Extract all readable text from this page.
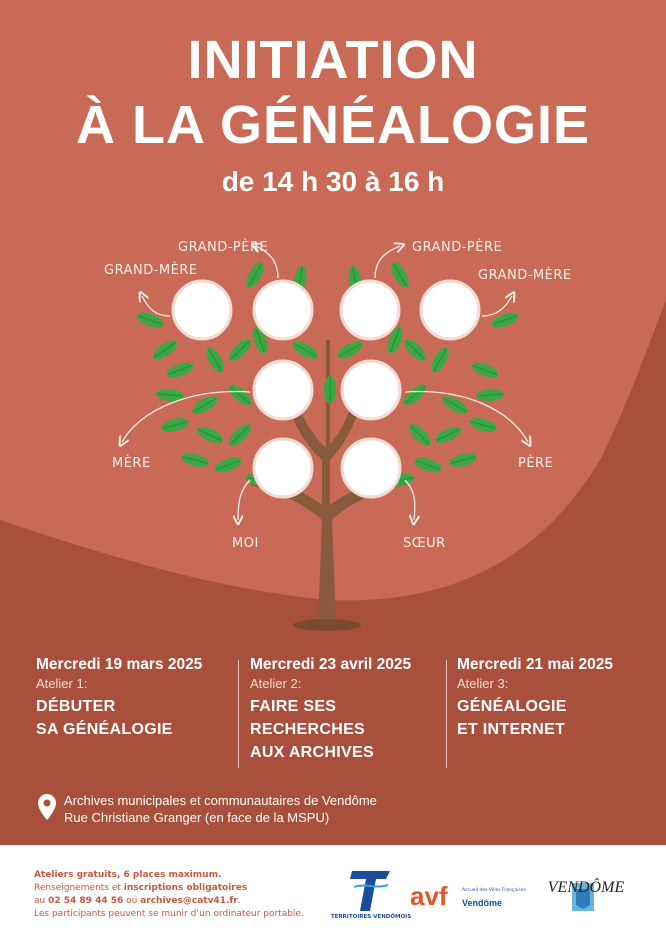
INITIATION
À LA GÉNÉALOGIE
de 14 h 30 à 16 h
GRAND-PÈRE
GRAND-MÈRE
GRAND-PÈRE
GRAND-MÈRE
MÈRE	PÈRE
MOI	SŒUR
Mercredi 19 mars 2025
Atelier 1:
DÉBUTER
SA GÉNÉALOGIE
Mercredi 23 avril 2025
Atelier 2:
FAIRE SES
RECHERCHES
AUX ARCHIVES
Mercredi 21 mai 2025
Atelier 3:
GÉNÉALOGIE
ET INTERNET
Archives municipales et communautaires de Vendôme
Rue Christiane Granger (en face de la MSPU)
Ateliers gratuits, 6 places maximum.
Renseignements et inscriptions obligatoires
au 02 54 89 44 56 ou archives@catv41.fr.
Les participants peuvent se munir d’un ordinateur portable.	TERRITOIRES VENDÔMOIS
avf	Accueil des Villes Françaises
Vendôme
VENDÔME
